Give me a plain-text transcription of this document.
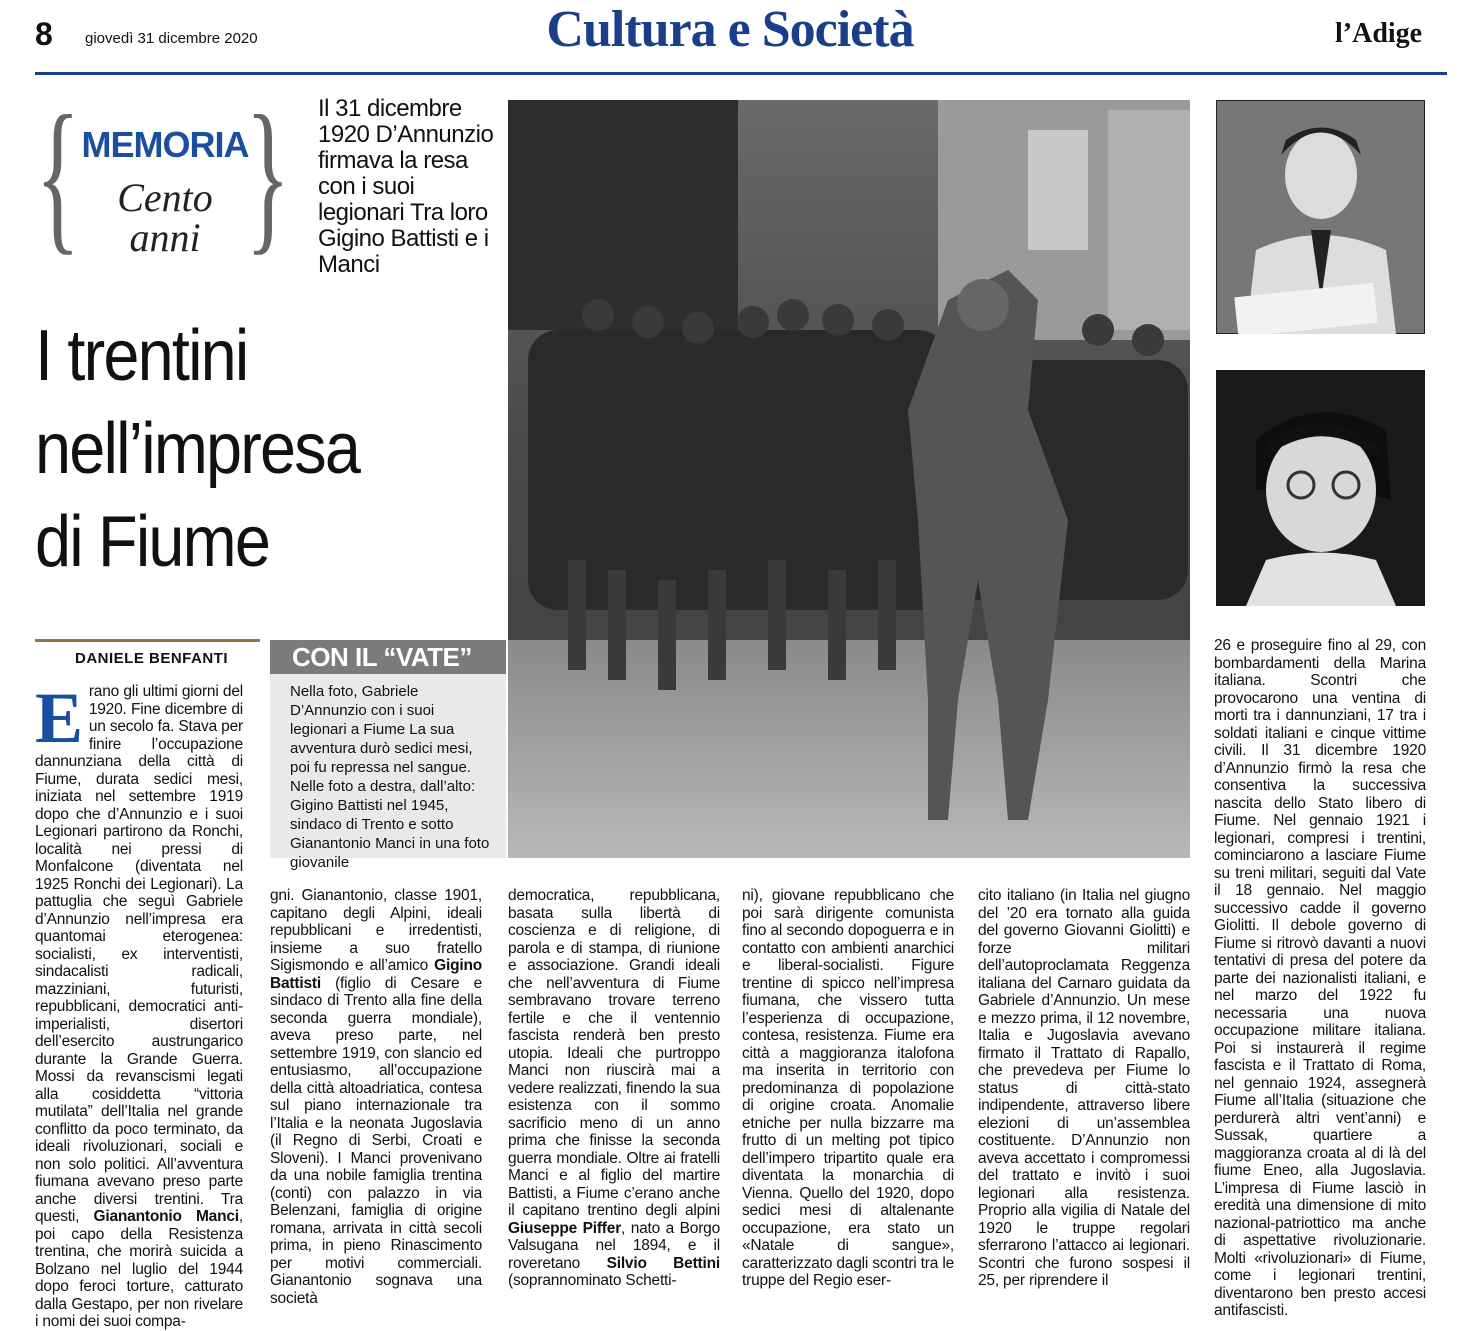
8 giovedì 31 dicembre 2020	Cultura e Società	l’Adige
{ }
MEMORIA
Cento
anni
Il 31 dicembre 1920 D’Annunzio firmava la resa con i suoi legionari Tra loro Gigino Battisti e i Manci
I trentini
nell’impresa
di Fiume
DANIELE BENFANTI	CON IL “VATE”
Nella foto, Gabriele D’Annunzio con i suoi legionari a Fiume La sua avventura durò sedici mesi, poi fu repressa nel sangue. Nelle foto a destra, dall’alto: Gigino Battisti nel 1945, sindaco di Trento e sotto Gianantonio Manci in una foto giovanile
Erano gli ultimi giorni del 1920. Fine dicembre di un secolo fa. Stava per finire l’occupazione dannunziana della città di Fiume, durata sedici mesi, iniziata nel settembre 1919 dopo che d’Annunzio e i suoi Legionari partirono da Ronchi, località nei pressi di Monfalcone (diventata nel 1925 Ronchi dei Legionari). La pattuglia che seguì Gabriele d’Annunzio nell’impresa era quantomai eterogenea: socialisti, ex interventisti, sindacalisti radicali, mazziniani, futuristi, repubblicani, democratici anti-imperialisti, disertori dell’esercito austrungarico durante la Grande Guerra. Mossi da revanscismi legati alla cosiddetta “vittoria mutilata” dell’Italia nel grande conflitto da poco terminato, da ideali rivoluzionari, sociali e non solo politici. All’avventura fiumana avevano preso parte anche diversi trentini. Tra questi, Gianantonio Manci, poi capo della Resistenza trentina, che morirà suicida a Bolzano nel luglio del 1944 dopo feroci torture, catturato dalla Gestapo, per non rivelare i nomi dei suoi compa-
gni. Gianantonio, classe 1901, capitano degli Alpini, ideali repubblicani e irredentisti, insieme a suo fratello Sigismondo e all’amico Gigino Battisti (figlio di Cesare e sindaco di Trento alla fine della seconda guerra mondiale), aveva preso parte, nel settembre 1919, con slancio ed entusiasmo, all’occupazione della città altoadriatica, contesa sul piano internazionale tra l’Italia e la neonata Jugoslavia (il Regno di Serbi, Croati e Sloveni). I Manci provenivano da una nobile famiglia trentina (conti) con palazzo in via Belenzani, famiglia di origine romana, arrivata in città secoli prima, in pieno Rinascimento per motivi commerciali. Gianantonio sognava una società
democratica, repubblicana, basata sulla libertà di coscienza e di religione, di parola e di stampa, di riunione e associazione. Grandi ideali che nell’avventura di Fiume sembravano trovare terreno fertile e che il ventennio fascista renderà ben presto utopia. Ideali che purtroppo Manci non riuscirà mai a vedere realizzati, finendo la sua esistenza con il sommo sacrificio meno di un anno prima che finisse la seconda guerra mondiale. Oltre ai fratelli Manci e al figlio del martire Battisti, a Fiume c’erano anche il capitano trentino degli alpini Giuseppe Piffer, nato a Borgo Valsugana nel 1894, e il roveretano Silvio Bettini (soprannominato Schetti-
ni), giovane repubblicano che poi sarà dirigente comunista fino al secondo dopoguerra e in contatto con ambienti anarchici e liberal-socialisti. Figure trentine di spicco nell’impresa fiumana, che vissero tutta l’esperienza di occupazione, contesa, resistenza. Fiume era città a maggioranza italofona ma inserita in territorio con predominanza di popolazione di origine croata. Anomalie etniche per nulla bizzarre ma frutto di un melting pot tipico dell’impero tripartito quale era diventata la monarchia di Vienna. Quello del 1920, dopo sedici mesi di altalenante occupazione, era stato un «Natale di sangue», caratterizzato dagli scontri tra le truppe del Regio eser-
cito italiano (in Italia nel giugno del ’20 era tornato alla guida del governo Giovanni Giolitti) e forze militari dell’autoproclamata Reggenza italiana del Carnaro guidata da Gabriele d’Annunzio. Un mese e mezzo prima, il 12 novembre, Italia e Jugoslavia avevano firmato il Trattato di Rapallo, che prevedeva per Fiume lo status di città-stato indipendente, attraverso libere elezioni di un’assemblea costituente. D’Annunzio non aveva accettato i compromessi del trattato e invitò i suoi legionari alla resistenza. Proprio alla vigilia di Natale del 1920 le truppe regolari sferrarono l’attacco ai legionari. Scontri che furono sospesi il 25, per riprendere il
26 e proseguire fino al 29, con bombardamenti della Marina italiana. Scontri che provocarono una ventina di morti tra i dannunziani, 17 tra i soldati italiani e cinque vittime civili. Il 31 dicembre 1920 d’Annunzio firmò la resa che consentiva la successiva nascita dello Stato libero di Fiume. Nel gennaio 1921 i legionari, compresi i trentini, cominciarono a lasciare Fiume su treni militari, seguiti dal Vate il 18 gennaio. Nel maggio successivo cadde il governo Giolitti. Il debole governo di Fiume si ritrovò davanti a nuovi tentativi di presa del potere da parte dei nazionalisti italiani, e nel marzo del 1922 fu necessaria una nuova occupazione militare italiana. Poi si instaurerà il regime fascista e il Trattato di Roma, nel gennaio 1924, assegnerà Fiume all’Italia (situazione che perdurerà altri vent’anni) e Sussak, quartiere a maggioranza croata al di là del fiume Eneo, alla Jugoslavia. L’impresa di Fiume lasciò in eredità una dimensione di mito nazional-patriottico ma anche di aspettative rivoluzionarie. Molti «rivoluzionari» di Fiume, come i legionari trentini, diventarono ben presto accesi antifascisti.
